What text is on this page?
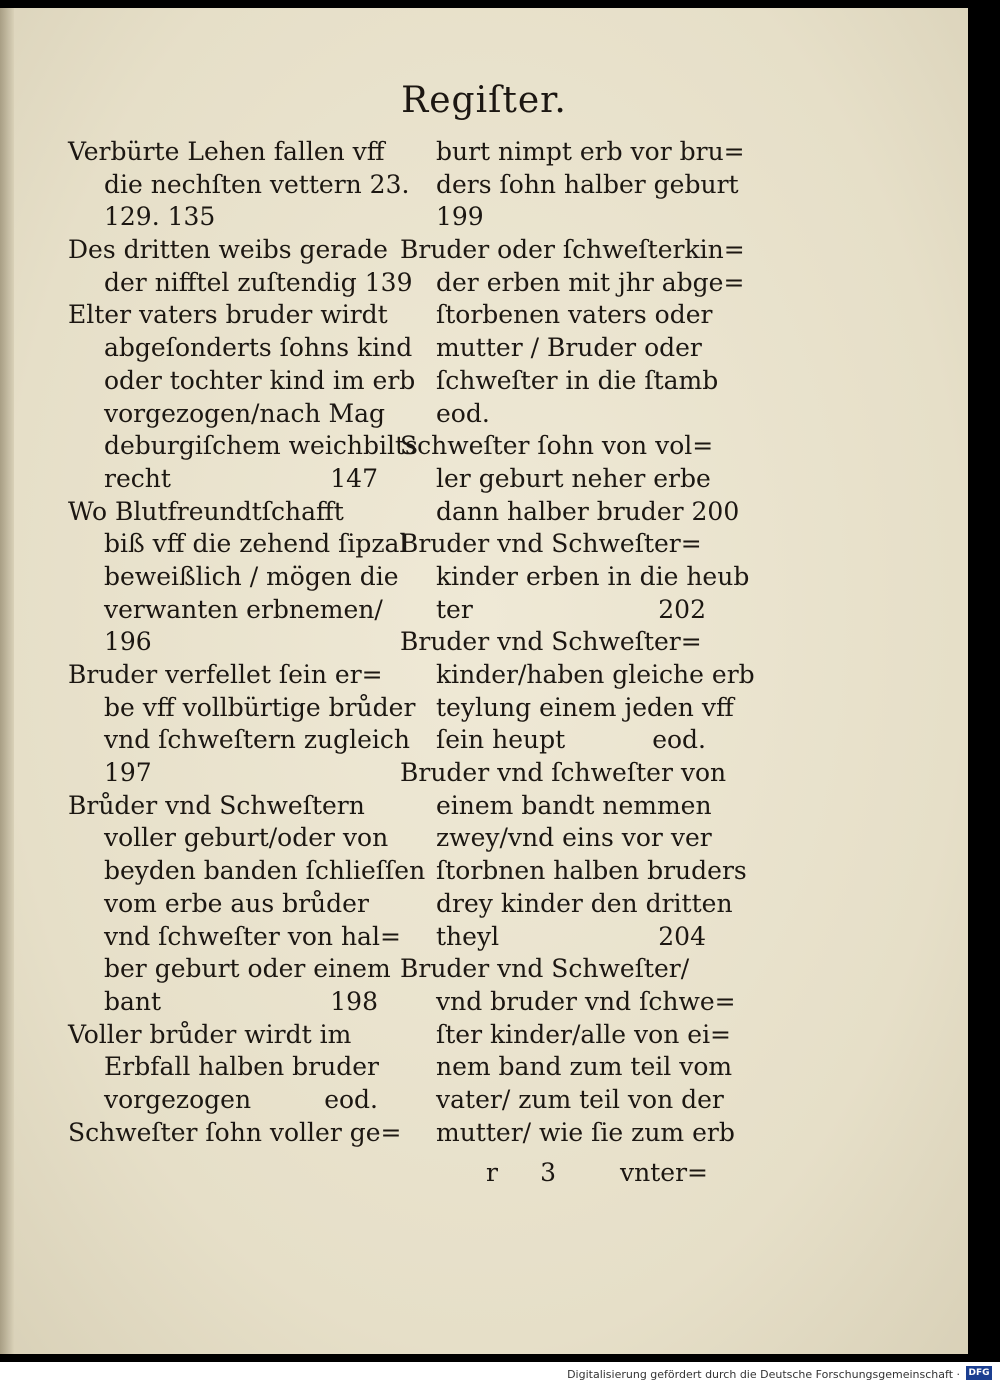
Regiſter.
Verbürte Lehen fallen vff
die nechſten vettern 23.
129. 135
Des dritten weibs gerade
der nifftel zuſtendig 139
Elter vaters bruder wirdt
abgeſonderts ſohns kind
oder tochter kind im erb
vorgezogen/nach Mag
deburgiſchem weichbilts
recht	147
Wo Blutfreundtſchafft
biß vff die zehend ſipzal
beweißlich / mögen die
verwanten erbnemen/
196
Bruder verfellet ſein er=
be vff vollbürtige brůder
vnd ſchweſtern zugleich
197
Brůder vnd Schweſtern
voller geburt/oder von
beyden banden ſchlieſſen
vom erbe aus brůder
vnd ſchweſter von hal=
ber geburt oder einem
bant	198
Voller brůder wirdt im
Erbfall halben bruder
vorgezogen	eod.
Schweſter ſohn voller ge=
burt nimpt erb vor bru=
ders ſohn halber geburt
199
Bruder oder ſchweſterkin=
der erben mit jhr abge=
ſtorbenen vaters oder
mutter / Bruder oder
ſchweſter in die ſtamb
eod.
Schweſter ſohn von vol=
ler geburt neher erbe
dann halber bruder 200
Bruder vnd Schweſter=
kinder erben in die heub
ter	202
Bruder vnd Schweſter=
kinder/haben gleiche erb
teylung einem jeden vff
ſein heupt	eod.
Bruder vnd ſchweſter von
einem bandt nemmen
zwey/vnd eins vor ver
ſtorbnen halben bruders
drey kinder den dritten
theyl	204
Bruder vnd Schweſter/
vnd bruder vnd ſchwe=
ſter kinder/alle von ei=
nem band zum teil vom
vater/ zum teil von der
mutter/ wie ſie zum erb
r	3	vnter=
Digitalisierung gefördert durch die Deutsche Forschungsgemeinschaft · DFG
